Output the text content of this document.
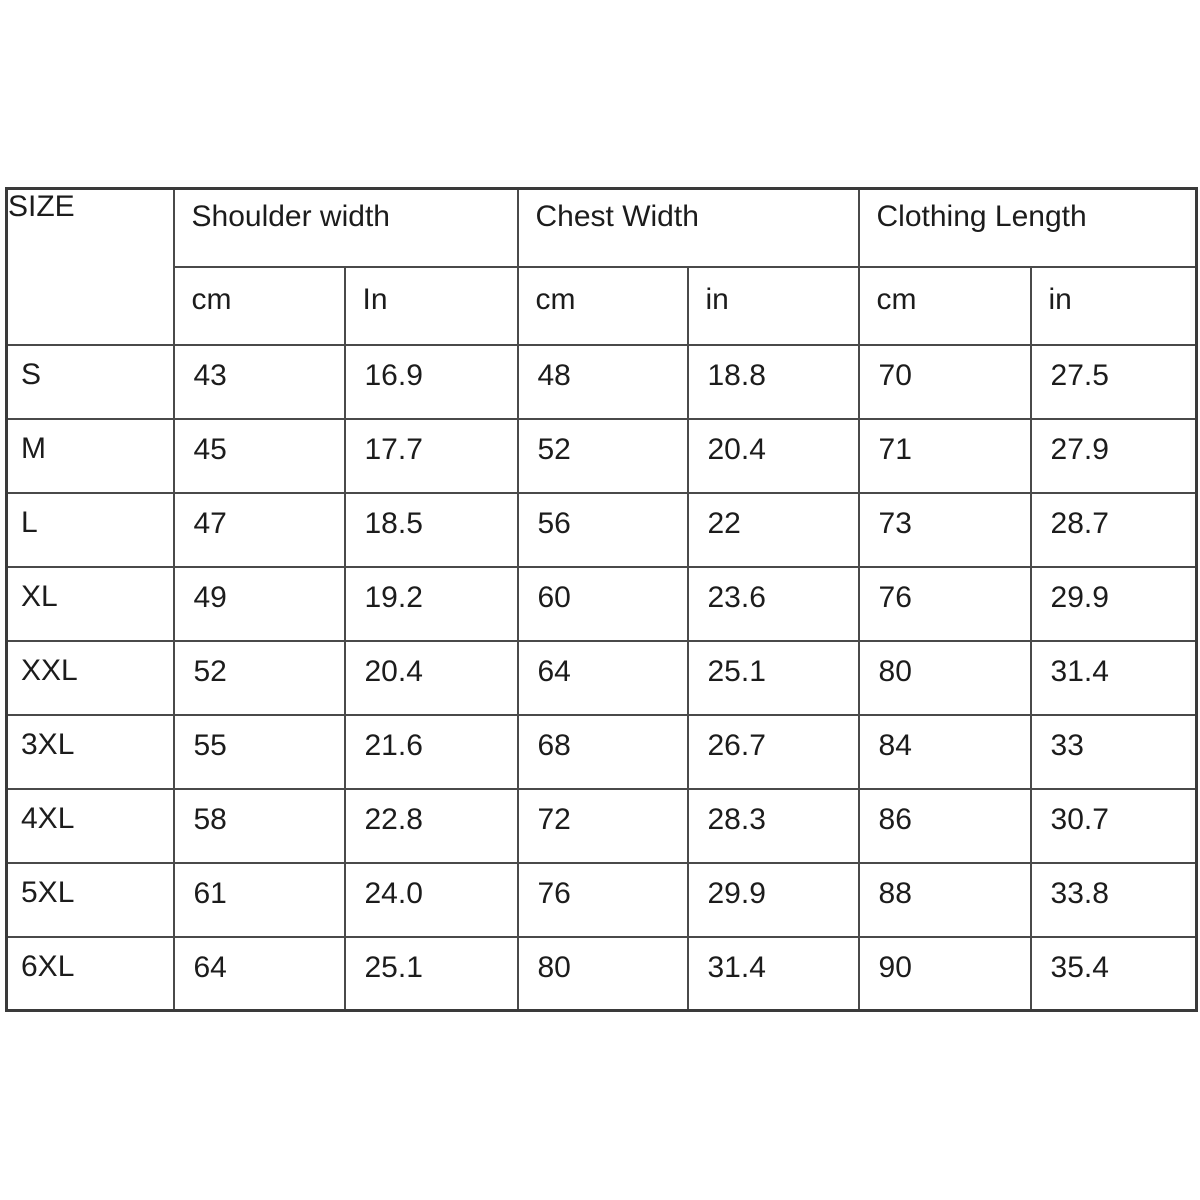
SIZE	Shoulder width		Chest Width		Clothing Length	
	cm	In	cm	in	cm	in
S	43	16.9	48	18.8	70	27.5
M	45	17.7	52	20.4	71	27.9
L	47	18.5	56	22	73	28.7
XL	49	19.2	60	23.6	76	29.9
XXL	52	20.4	64	25.1	80	31.4
3XL	55	21.6	68	26.7	84	33
4XL	58	22.8	72	28.3	86	30.7
5XL	61	24.0	76	29.9	88	33.8
6XL	64	25.1	80	31.4	90	35.4
